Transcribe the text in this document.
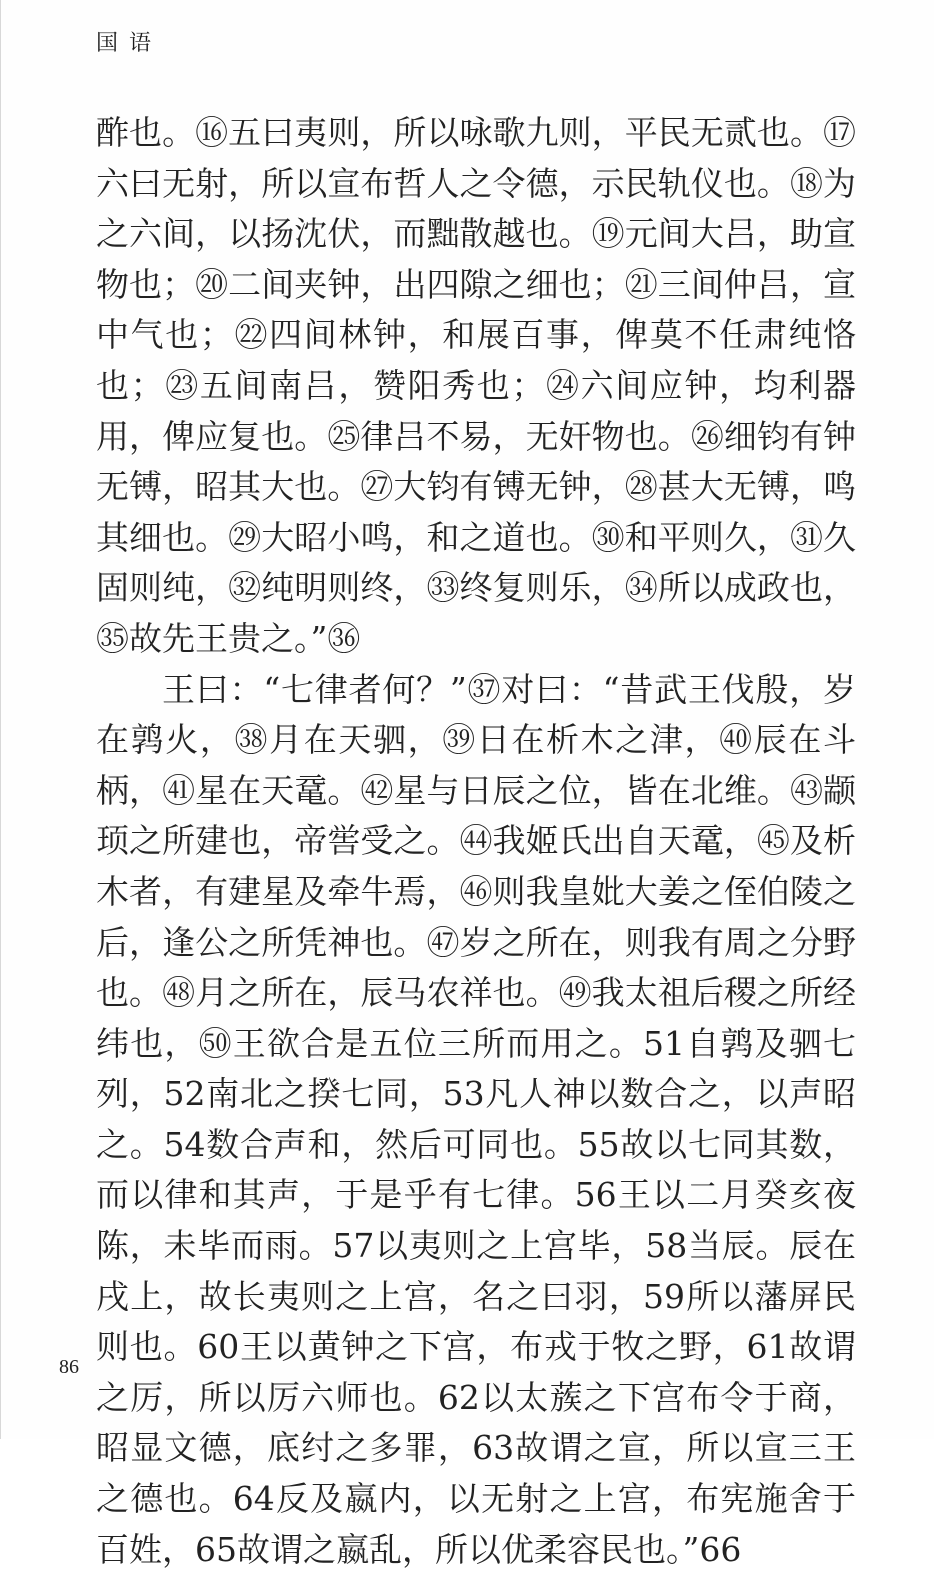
国 语

酢也。⑯五曰夷则，所以咏歌九则，平民无贰也。⑰六曰无射，所以宣布哲人之令德，示民轨仪也。⑱为之六间，以扬沈伏，而黜散越也。⑲元间大吕，助宣物也；⑳二间夹钟，出四隙之细也；㉑三间仲吕，宣中气也；㉒四间林钟，和展百事，俾莫不任肃纯恪也；㉓五间南吕，赞阳秀也；㉔六间应钟，均利器用，俾应复也。㉕律吕不易，无奸物也。㉖细钧有钟无镈，昭其大也。㉗大钧有镈无钟，㉘甚大无镈，鸣其细也。㉙大昭小鸣，和之道也。㉚和平则久，㉛久固则纯，㉜纯明则终，㉝终复则乐，㉞所以成政也，㉟故先王贵之。”㊱

王曰：“七律者何？”㊲对曰：“昔武王伐殷，岁在鹑火，㊳月在天驷，㊴日在析木之津，㊵辰在斗柄，㊶星在天鼋。㊷星与日辰之位，皆在北维。㊸颛顼之所建也，帝喾受之。㊹我姬氏出自天鼋，㊺及析木者，有建星及牵牛焉，㊻则我皇妣大姜之侄伯陵之后，逢公之所凭神也。㊼岁之所在，则我有周之分野也。㊽月之所在，辰马农祥也。㊾我太祖后稷之所经纬也，㊿王欲合是五位三所而用之。51自鹑及驷七列，52南北之揆七同，53凡人神以数合之，以声昭之。54数合声和，然后可同也。55故以七同其数，而以律和其声，于是乎有七律。56王以二月癸亥夜陈，未毕而雨。57以夷则之上宫毕，58当辰。辰在戌上，故长夷则之上宫，名之曰羽，59所以藩屏民则也。60王以黄钟之下宫，布戎于牧之野，61故谓之厉，所以厉六师也。62以太蔟之下宫布令于商，昭显文德，底纣之多罪，63故谓之宣，所以宣三王之德也。64反及嬴内，以无射之上宫，布宪施舍于百姓，65故谓之嬴乱，所以优柔容民也。”66

86
